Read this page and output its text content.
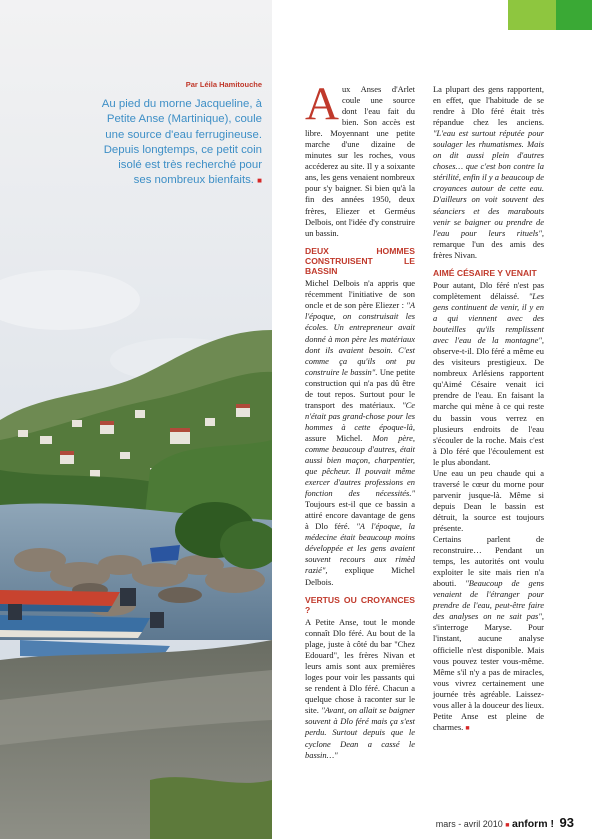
Par Léila Hamitouche
Au pied du morne Jacqueline, à Petite Anse (Martinique), coule une source d'eau ferrugineuse. Depuis longtemps, ce petit coin isolé est très recherché pour ses nombreux bienfaits. ■

Aux Anses d'Arlet coule une source dont l'eau fait du bien. Son accès est libre. Moyennant une petite marche d'une dizaine de minutes sur les roches, vous accéderez au site. Il y a soixante ans, les gens venaient nombreux pour s'y baigner. Si bien qu'à la fin des années 1950, deux frères, Eliezer et Germéus Delbois, ont l'idée d'y construire un bassin.

DEUX HOMMES CONSTRUISENT LE BASSIN

Michel Delbois n'a appris que récemment l'initiative de son oncle et de son père Eliezer : "A l'époque, on construisait les écoles. Un entrepreneur avait donné à mon père les matériaux dont ils avaient besoin. C'est comme ça qu'ils ont pu construire le bassin". Une petite construction qui n'a pas dû être de tout repos. Surtout pour le transport des matériaux. "Ce n'était pas grand-chose pour les hommes à cette époque-là, assure Michel. Mon père, comme beaucoup d'autres, était aussi bien maçon, charpentier, que pêcheur. Il pouvait même exercer d'autres professions en fonction des nécessités." Toujours est-il que ce bassin a attiré encore davantage de gens à Dlo féré. "A l'époque, la médecine était beaucoup moins développée et les gens avaient souvent recours aux rimèd razié", explique Michel Delbois.

VERTUS OU CROYANCES ?

A Petite Anse, tout le monde connaît Dlo féré. Au bout de la plage, juste à côté du bar "Chez Edouard", les frères Nivan et leurs amis sont aux premières loges pour voir les passants qui se rendent à Dlo féré. Chacun a quelque chose à raconter sur le site. "Avant, on allait se baigner souvent à Dlo féré mais ça s'est perdu. Surtout depuis que le cyclone Dean a cassé le bassin…"

La plupart des gens rapportent, en effet, que l'habitude de se rendre à Dlo féré était très répandue chez les anciens. "L'eau est surtout réputée pour soulager les rhumatismes. Mais on dit aussi plein d'autres choses… que c'est bon contre la stérilité, enfin il y a beaucoup de croyances autour de cette eau. D'ailleurs on voit souvent des séanciers et des marabouts venir se baigner ou prendre de l'eau pour leurs rituels", remarque l'un des amis des frères Nivan.

AIMÉ CÉSAIRE Y VENAIT

Pour autant, Dlo féré n'est pas complètement délaissé. "Les gens continuent de venir, il y en a qui viennent avec des bouteilles qu'ils remplissent avec l'eau de la montagne", observe-t-il. Dlo féré a même eu des visiteurs prestigieux. De nombreux Arlésiens rapportent qu'Aimé Césaire venait ici prendre de l'eau. En faisant la marche qui mène à ce qui reste du bassin vous verrez en plusieurs endroits de l'eau s'écouler de la roche. Mais c'est à Dlo féré que l'écoulement est le plus abondant.

Une eau un peu chaude qui a traversé le cœur du morne pour parvenir jusque-là. Même si depuis Dean le bassin est détruit, la source est toujours présente.

Certains parlent de reconstruire… Pendant un temps, les autorités ont voulu exploiter le site mais rien n'a abouti. "Beaucoup de gens venaient de l'étranger pour prendre de l'eau, peut-être faire des analyses on ne sait pas", s'interroge Maryse. Pour l'instant, aucune analyse officielle n'est disponible. Mais vous pouvez tester vous-même. Même s'il n'y a pas de miracles, vous vivrez certainement une journée très agréable. Laissez-vous aller à la douceur des lieux. Petite Anse est pleine de charmes. ■

mars - avril 2010 ■ anform ! 93
